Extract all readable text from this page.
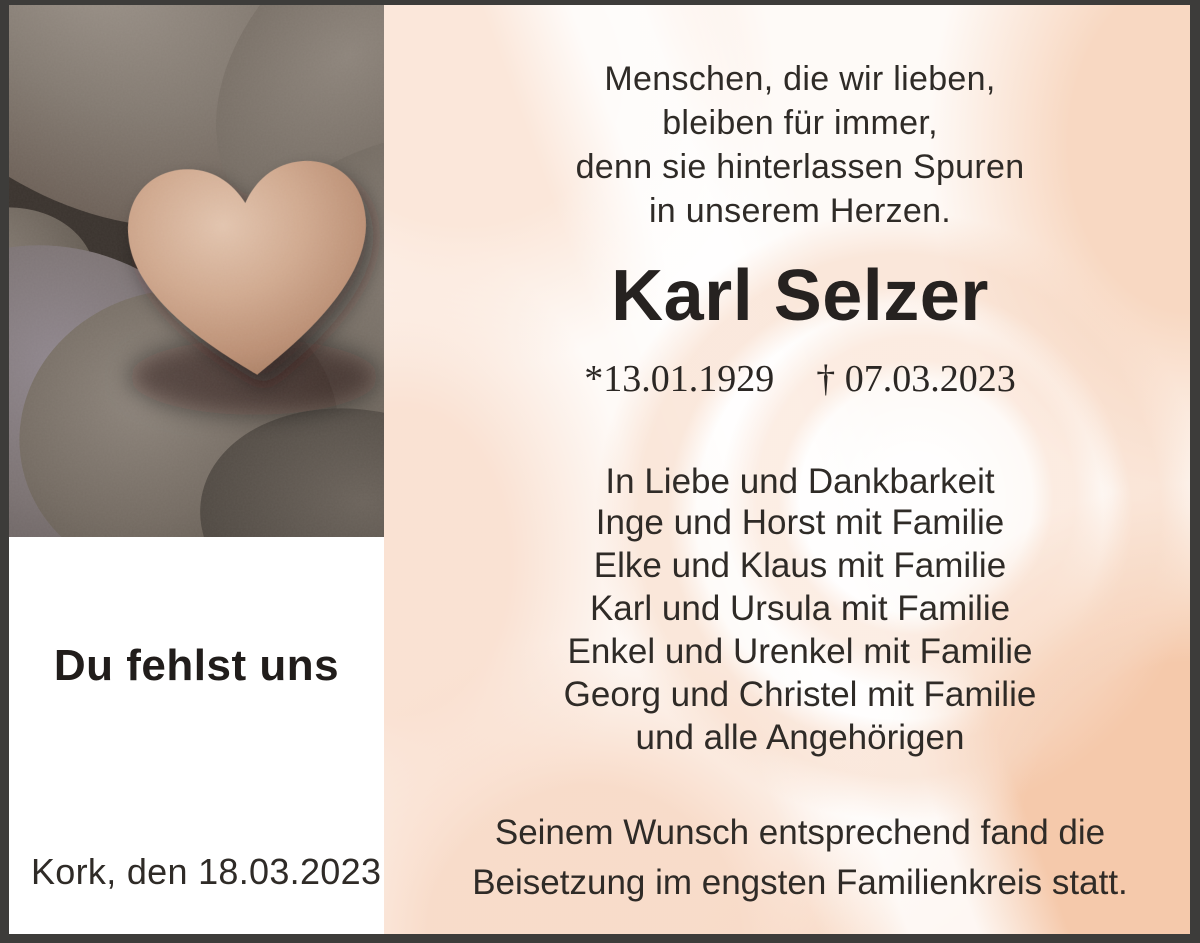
Menschen, die wir lieben,
bleiben für immer,
denn sie hinterlassen Spuren
in unserem Herzen.
Karl Selzer
*13.01.1929 † 07.03.2023
In Liebe und Dankbarkeit
Inge und Horst mit Familie
Elke und Klaus mit Familie
Karl und Ursula mit Familie
Enkel und Urenkel mit Familie
Georg und Christel mit Familie
und alle Angehörigen
Seinem Wunsch entsprechend fand die
Beisetzung im engsten Familienkreis statt.
Du fehlst uns
Kork, den 18.03.2023
